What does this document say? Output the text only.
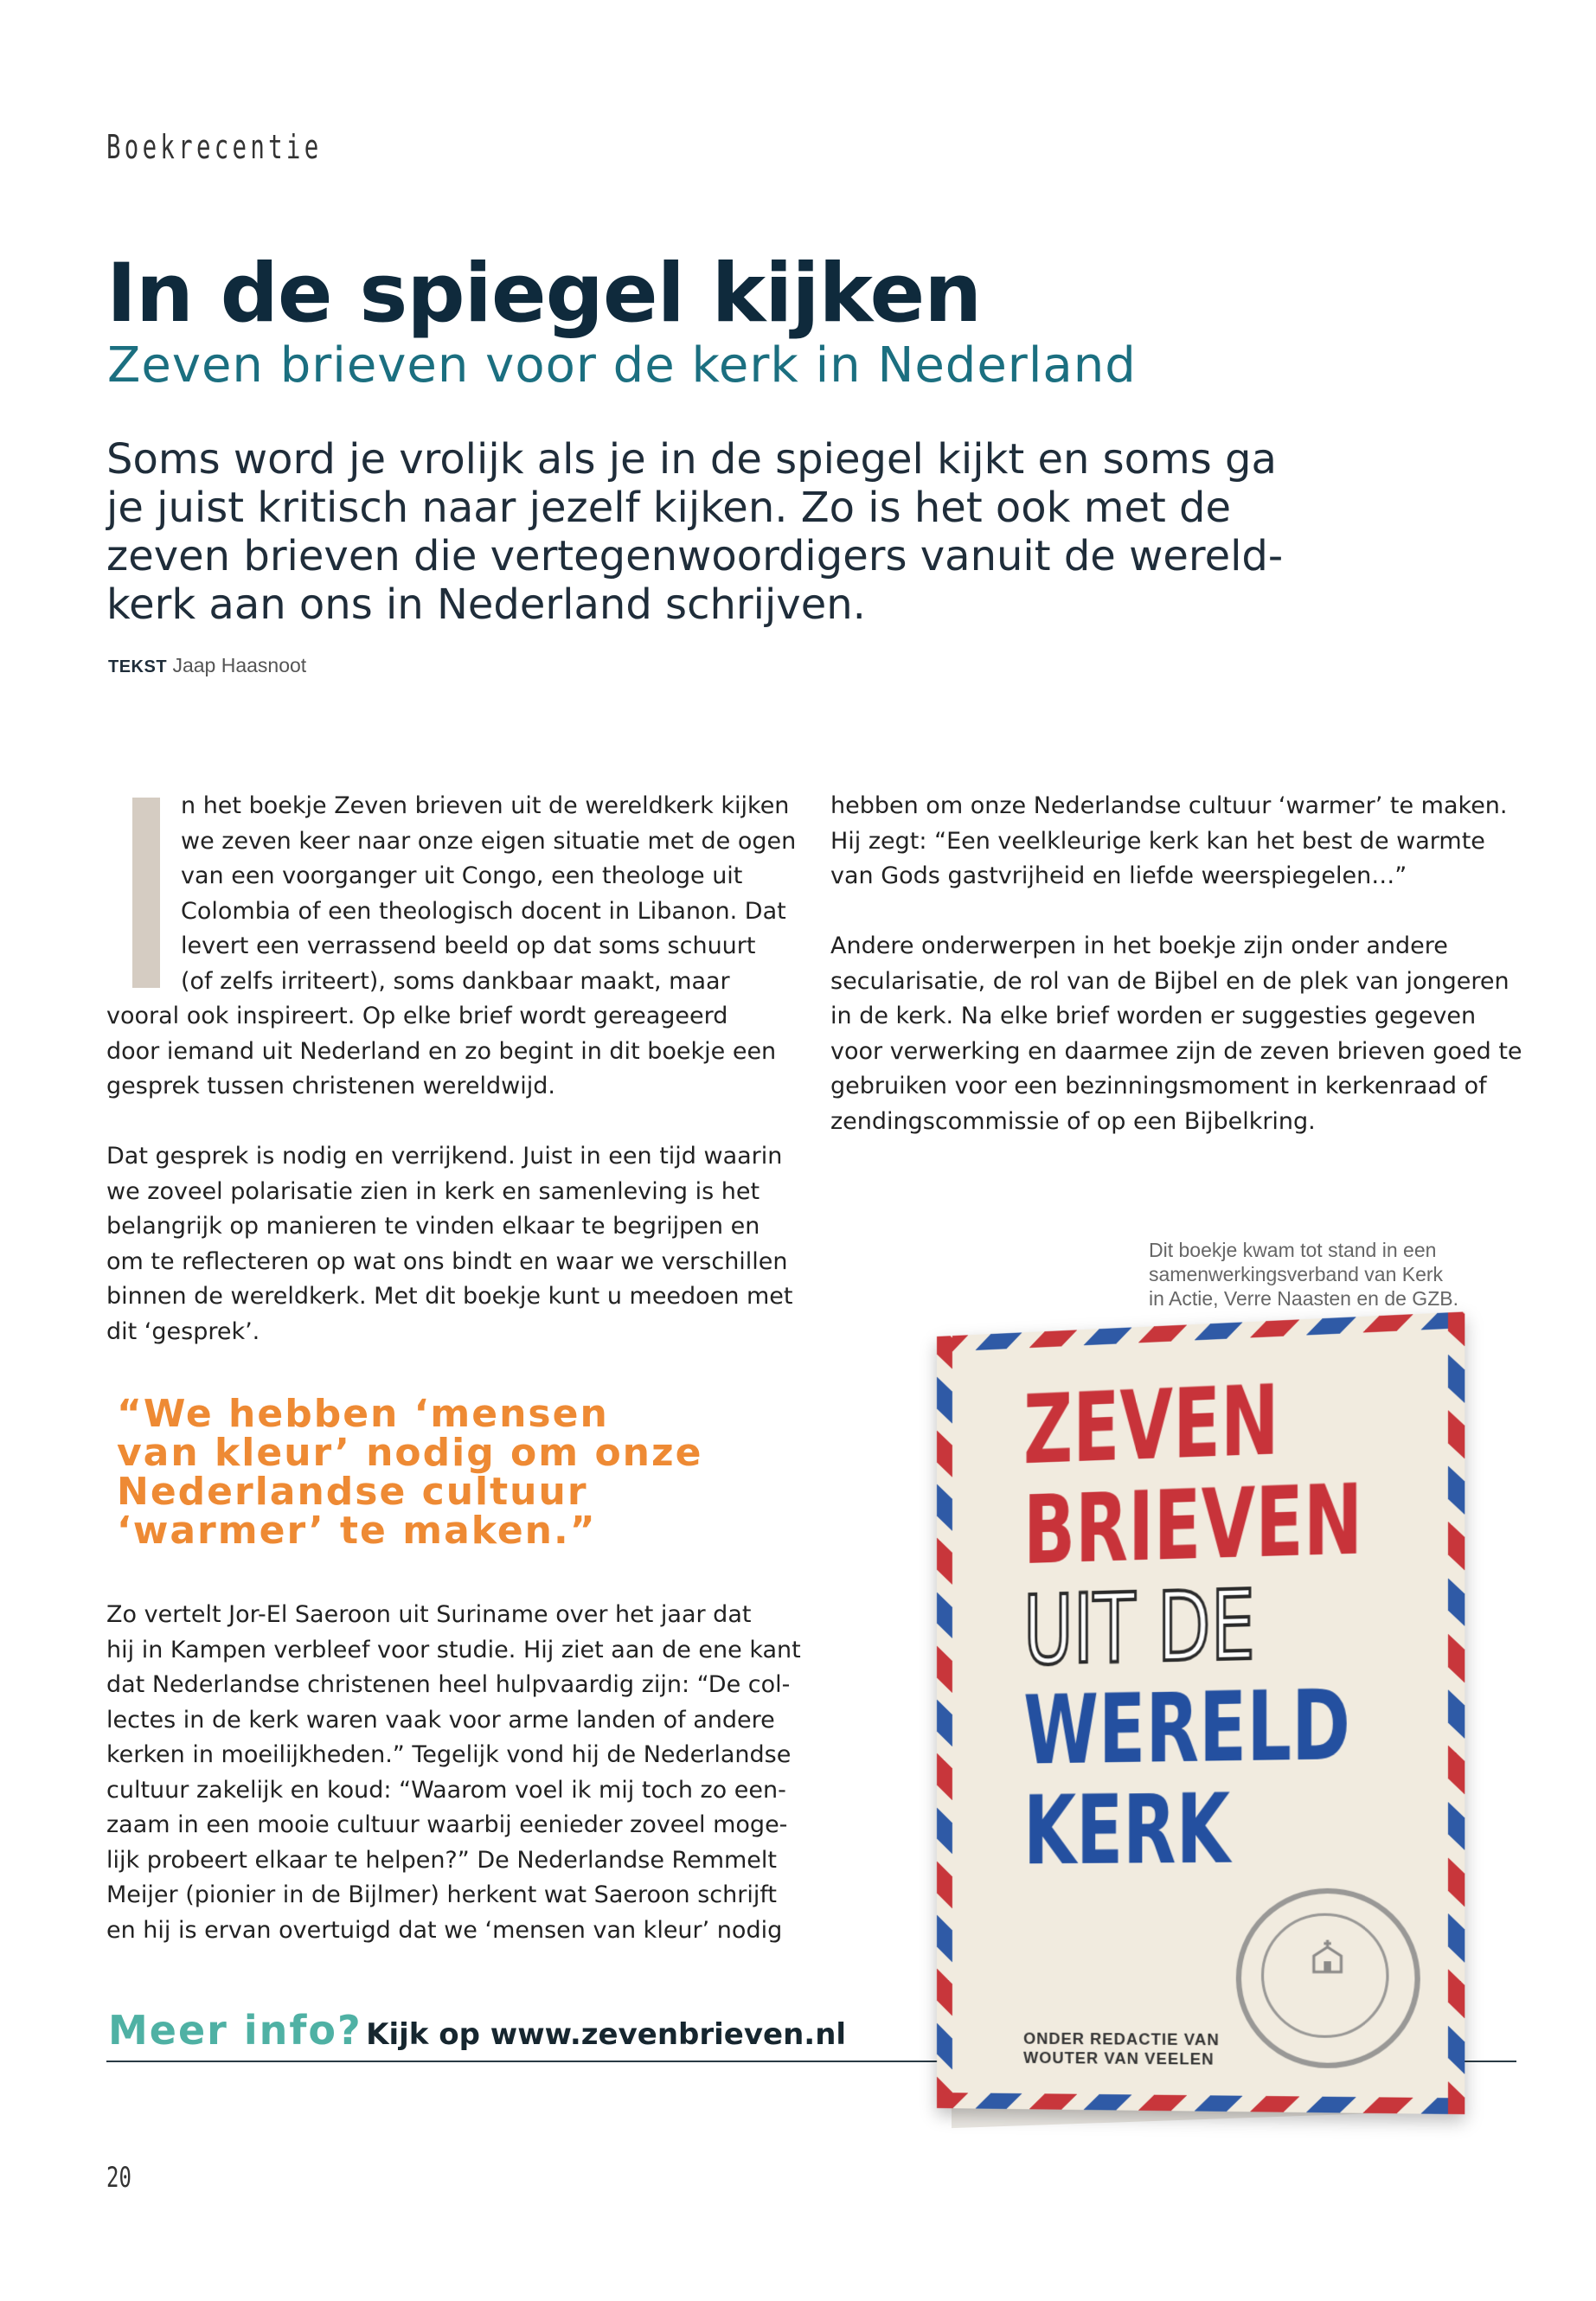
Boekrecentie
In de spiegel kijken
Zeven brieven voor de kerk in Nederland
Soms word je vrolijk als je in de spiegel kijkt en soms ga
je juist kritisch naar jezelf kijken. Zo is het ook met de
zeven brieven die vertegenwoordigers vanuit de wereld-
kerk aan ons in Nederland schrijven.
TEKST Jaap Haasnoot
n het boekje Zeven brieven uit de wereldkerk kijken
we zeven keer naar onze eigen situatie met de ogen
van een voorganger uit Congo, een theologe uit
Colombia of een theologisch docent in Libanon. Dat
levert een verrassend beeld op dat soms schuurt
(of zelfs irriteert), soms dankbaar maakt, maar
vooral ook inspireert. Op elke brief wordt gereageerd
door iemand uit Nederland en zo begint in dit boekje een
gesprek tussen christenen wereldwijd.
Dat gesprek is nodig en verrijkend. Juist in een tijd waarin
we zoveel polarisatie zien in kerk en samenleving is het
belangrijk op manieren te vinden elkaar te begrijpen en
om te reflecteren op wat ons bindt en waar we verschillen
binnen de wereldkerk. Met dit boekje kunt u meedoen met
dit ‘gesprek’.
“We hebben ‘mensen
van kleur’ nodig om onze
Nederlandse cultuur
‘warmer’ te maken.”
Zo vertelt Jor-El Saeroon uit Suriname over het jaar dat
hij in Kampen verbleef voor studie. Hij ziet aan de ene kant
dat Nederlandse christenen heel hulpvaardig zijn: “De col-
lectes in de kerk waren vaak voor arme landen of andere
kerken in moeilijkheden.” Tegelijk vond hij de Nederlandse
cultuur zakelijk en koud: “Waarom voel ik mij toch zo een-
zaam in een mooie cultuur waarbij eenieder zoveel moge-
lijk probeert elkaar te helpen?” De Nederlandse Remmelt
Meijer (pionier in de Bijlmer) herkent wat Saeroon schrijft
en hij is ervan overtuigd dat we ‘mensen van kleur’ nodig
hebben om onze Nederlandse cultuur ‘warmer’ te maken.
Hij zegt: “Een veelkleurige kerk kan het best de warmte
van Gods gastvrijheid en liefde weerspiegelen…”
Andere onderwerpen in het boekje zijn onder andere
secularisatie, de rol van de Bijbel en de plek van jongeren
in de kerk. Na elke brief worden er suggesties gegeven
voor verwerking en daarmee zijn de zeven brieven goed te
gebruiken voor een bezinningsmoment in kerkenraad of
zendingscommissie of op een Bijbelkring.
Dit boekje kwam tot stand in een
samenwerkingsverband van Kerk
in Actie, Verre Naasten en de GZB.
Meer info? Kijk op www.zevenbrieven.nl
ZEVEN
BRIEVEN
UIT DE
WERELD
KERK
ONDER REDACTIE VAN
WOUTER VAN VEELEN
20
